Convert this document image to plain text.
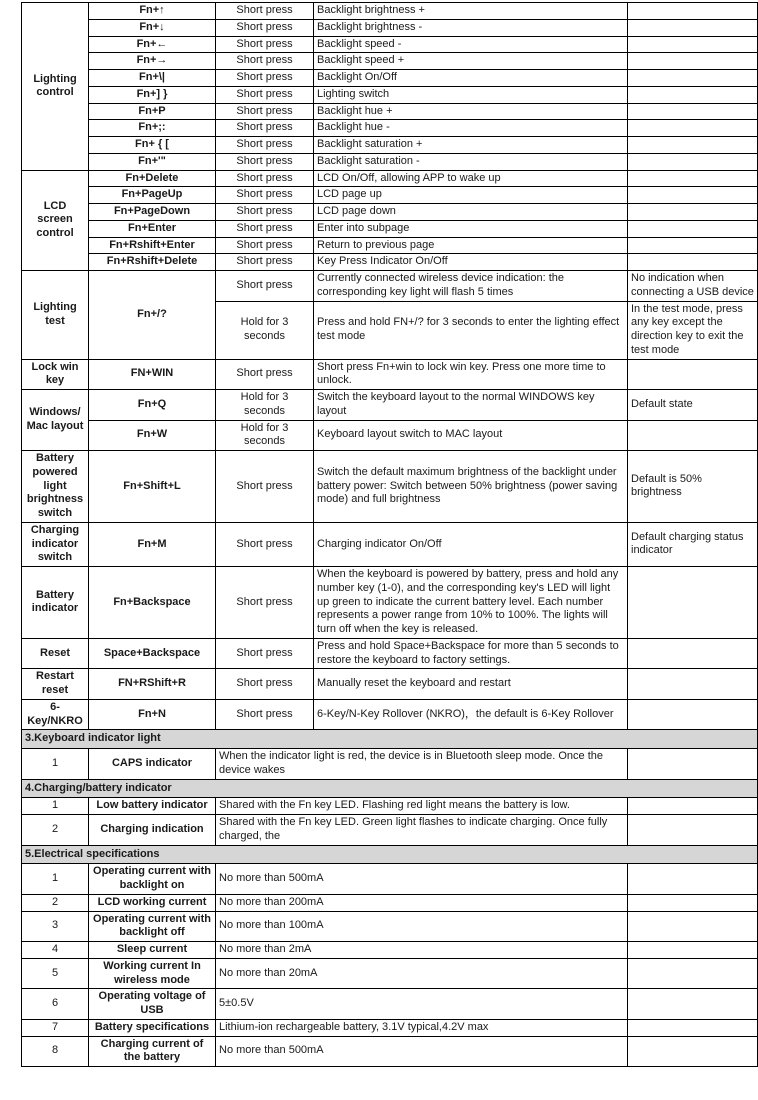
Lighting control	Fn+↑	Short press	Backlight brightness +	
	Fn+↓	Short press	Backlight brightness -	
	Fn+←	Short press	Backlight speed -	
	Fn+→	Short press	Backlight speed +	
	Fn+\|	Short press	Backlight On/Off	
	Fn+] }	Short press	Lighting switch	
	Fn+P	Short press	Backlight hue +	
	Fn+;:	Short press	Backlight hue -	
	Fn+ { [	Short press	Backlight saturation +	
	Fn+'"	Short press	Backlight saturation -	
LCD screen control	Fn+Delete	Short press	LCD On/Off, allowing APP to wake up	
	Fn+PageUp	Short press	LCD page up	
	Fn+PageDown	Short press	LCD page down	
	Fn+Enter	Short press	Enter into subpage	
	Fn+Rshift+Enter	Short press	Return to previous page	
	Fn+Rshift+Delete	Short press	Key Press Indicator On/Off	
Lighting test	Fn+/?	Short press	Currently connected wireless device indication: the corresponding key light will flash 5 times	No indication when connecting a USB device
		Hold for 3 seconds	Press and hold FN+/? for 3 seconds to enter the lighting effect test mode	In the test mode, press any key except the direction key to exit the test mode
Lock win key	FN+WIN	Short press	Short press Fn+win to lock win key. Press one more time to unlock.	
Windows/Mac layout	Fn+Q	Hold for 3 seconds	Switch the keyboard layout to the normal WINDOWS key layout	Default state
	Fn+W	Hold for 3 seconds	Keyboard layout switch to MAC layout	
Battery powered light brightness switch	Fn+Shift+L	Short press	Switch the default maximum brightness of the backlight under battery power: Switch between 50% brightness (power saving mode) and full brightness	Default is 50% brightness
Charging indicator switch	Fn+M	Short press	Charging indicator On/Off	Default charging status indicator
Battery indicator	Fn+Backspace	Short press	When the keyboard is powered by battery, press and hold any number key (1-0), and the corresponding key's LED will light up green to indicate the current battery level. Each number represents a power range from 10% to 100%. The lights will turn off when the key is released.	
Reset	Space+Backspace	Short press	Press and hold Space+Backspace for more than 5 seconds to restore the keyboard to factory settings.	
Restart reset	FN+RShift+R	Short press	Manually reset the keyboard and restart	
6-Key/NKRO	Fn+N	Short press	6-Key/N-Key Rollover (NKRO)，the default is 6-Key Rollover	
3.Keyboard indicator light				
1	CAPS indicator	When the indicator light is red, the device is in Bluetooth sleep mode. Once the device wakes		
4.Charging/battery indicator				
1	Low battery indicator	Shared with the Fn key LED. Flashing red light means the battery is low.		
2	Charging indication	Shared with the Fn key LED. Green light flashes to indicate charging. Once fully charged, the		
5.Electrical specifications				
1	Operating current with backlight on	No more than 500mA		
2	LCD working current	No more than 200mA		
3	Operating current with backlight off	No more than 100mA		
4	Sleep current	No more than 2mA		
5	Working current In wireless mode	No more than 20mA		
6	Operating voltage of USB	5±0.5V		
7	Battery specifications	Lithium-ion rechargeable battery, 3.1V typical,4.2V max		
8	Charging current of the battery	No more than 500mA		
